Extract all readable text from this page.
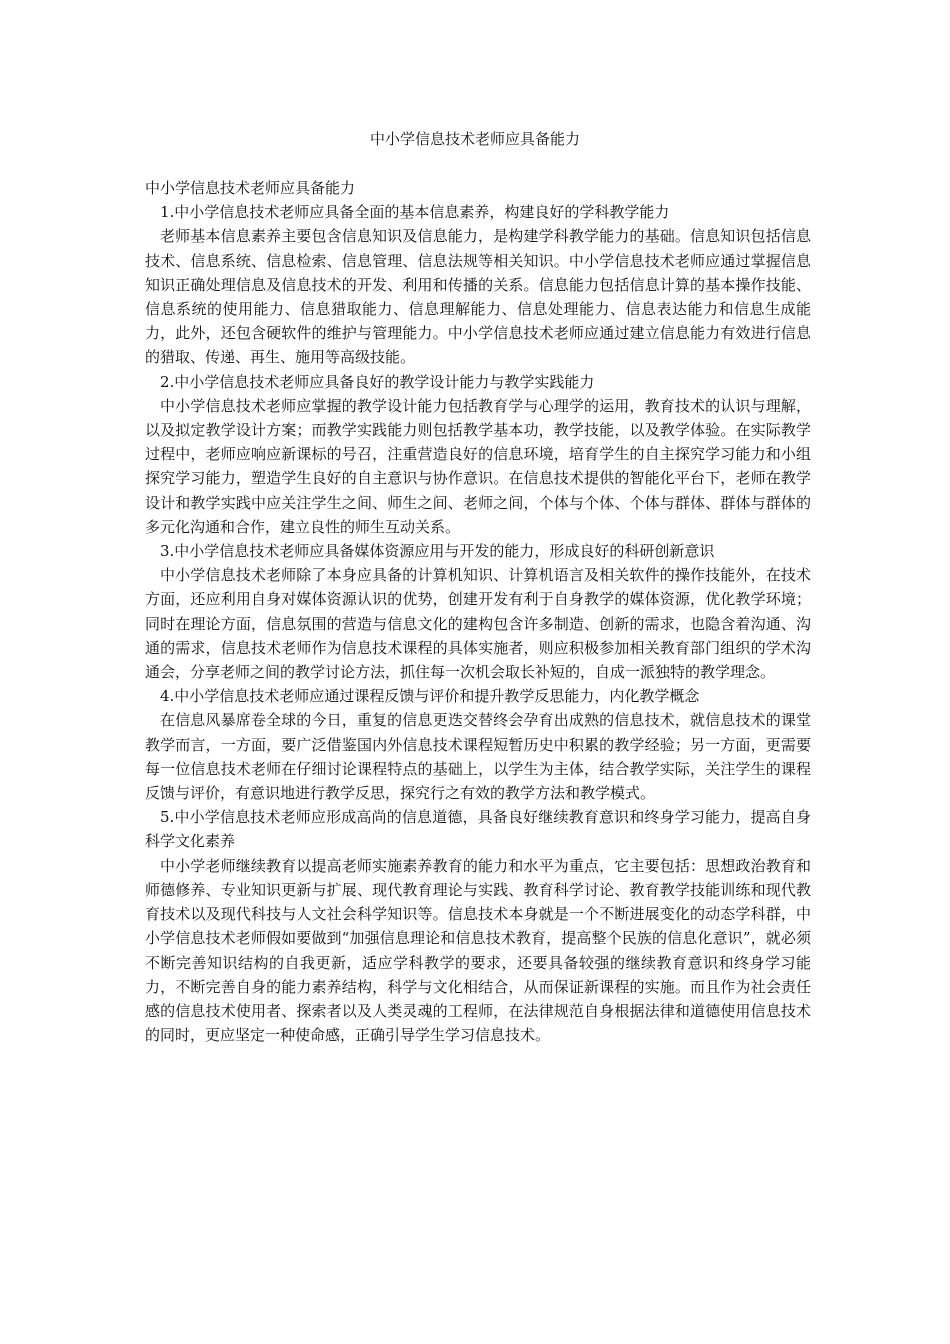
中小学信息技术老师应具备能力

中小学信息技术老师应具备能力

1.中小学信息技术老师应具备全面的基本信息素养，构建良好的学科教学能力

老师基本信息素养主要包含信息知识及信息能力，是构建学科教学能力的基础。信息知识包括信息技术、信息系统、信息检索、信息管理、信息法规等相关知识。中小学信息技术老师应通过掌握信息知识正确处理信息及信息技术的开发、利用和传播的关系。信息能力包括信息计算的基本操作技能、信息系统的使用能力、信息猎取能力、信息理解能力、信息处理能力、信息表达能力和信息生成能力，此外，还包含硬软件的维护与管理能力。中小学信息技术老师应通过建立信息能力有效进行信息的猎取、传递、再生、施用等高级技能。

2.中小学信息技术老师应具备良好的教学设计能力与教学实践能力

中小学信息技术老师应掌握的教学设计能力包括教育学与心理学的运用，教育技术的认识与理解，以及拟定教学设计方案；而教学实践能力则包括教学基本功，教学技能，以及教学体验。在实际教学过程中，老师应响应新课标的号召，注重营造良好的信息环境，培育学生的自主探究学习能力和小组探究学习能力，塑造学生良好的自主意识与协作意识。在信息技术提供的智能化平台下，老师在教学设计和教学实践中应关注学生之间、师生之间、老师之间，个体与个体、个体与群体、群体与群体的多元化沟通和合作，建立良性的师生互动关系。

3.中小学信息技术老师应具备媒体资源应用与开发的能力，形成良好的科研创新意识

中小学信息技术老师除了本身应具备的计算机知识、计算机语言及相关软件的操作技能外，在技术方面，还应利用自身对媒体资源认识的优势，创建开发有利于自身教学的媒体资源，优化教学环境；同时在理论方面，信息氛围的营造与信息文化的建构包含许多制造、创新的需求，也隐含着沟通、沟通的需求，信息技术老师作为信息技术课程的具体实施者，则应积极参加相关教育部门组织的学术沟通会，分享老师之间的教学讨论方法，抓住每一次机会取长补短的，自成一派独特的教学理念。

4.中小学信息技术老师应通过课程反馈与评价和提升教学反思能力，内化教学概念

在信息风暴席卷全球的今日，重复的信息更迭交替终会孕育出成熟的信息技术，就信息技术的课堂教学而言，一方面，要广泛借鉴国内外信息技术课程短暂历史中积累的教学经验；另一方面，更需要每一位信息技术老师在仔细讨论课程特点的基础上，以学生为主体，结合教学实际，关注学生的课程反馈与评价，有意识地进行教学反思，探究行之有效的教学方法和教学模式。

5.中小学信息技术老师应形成高尚的信息道德，具备良好继续教育意识和终身学习能力，提高自身科学文化素养

中小学老师继续教育以提高老师实施素养教育的能力和水平为重点，它主要包括：思想政治教育和师德修养、专业知识更新与扩展、现代教育理论与实践、教育科学讨论、教育教学技能训练和现代教育技术以及现代科技与人文社会科学知识等。信息技术本身就是一个不断进展变化的动态学科群，中小学信息技术老师假如要做到“加强信息理论和信息技术教育，提高整个民族的信息化意识”，就必须不断完善知识结构的自我更新，适应学科教学的要求，还要具备较强的继续教育意识和终身学习能力，不断完善自身的能力素养结构，科学与文化相结合，从而保证新课程的实施。而且作为社会责任感的信息技术使用者、探索者以及人类灵魂的工程师，在法律规范自身根据法律和道德使用信息技术的同时，更应坚定一种使命感，正确引导学生学习信息技术。
